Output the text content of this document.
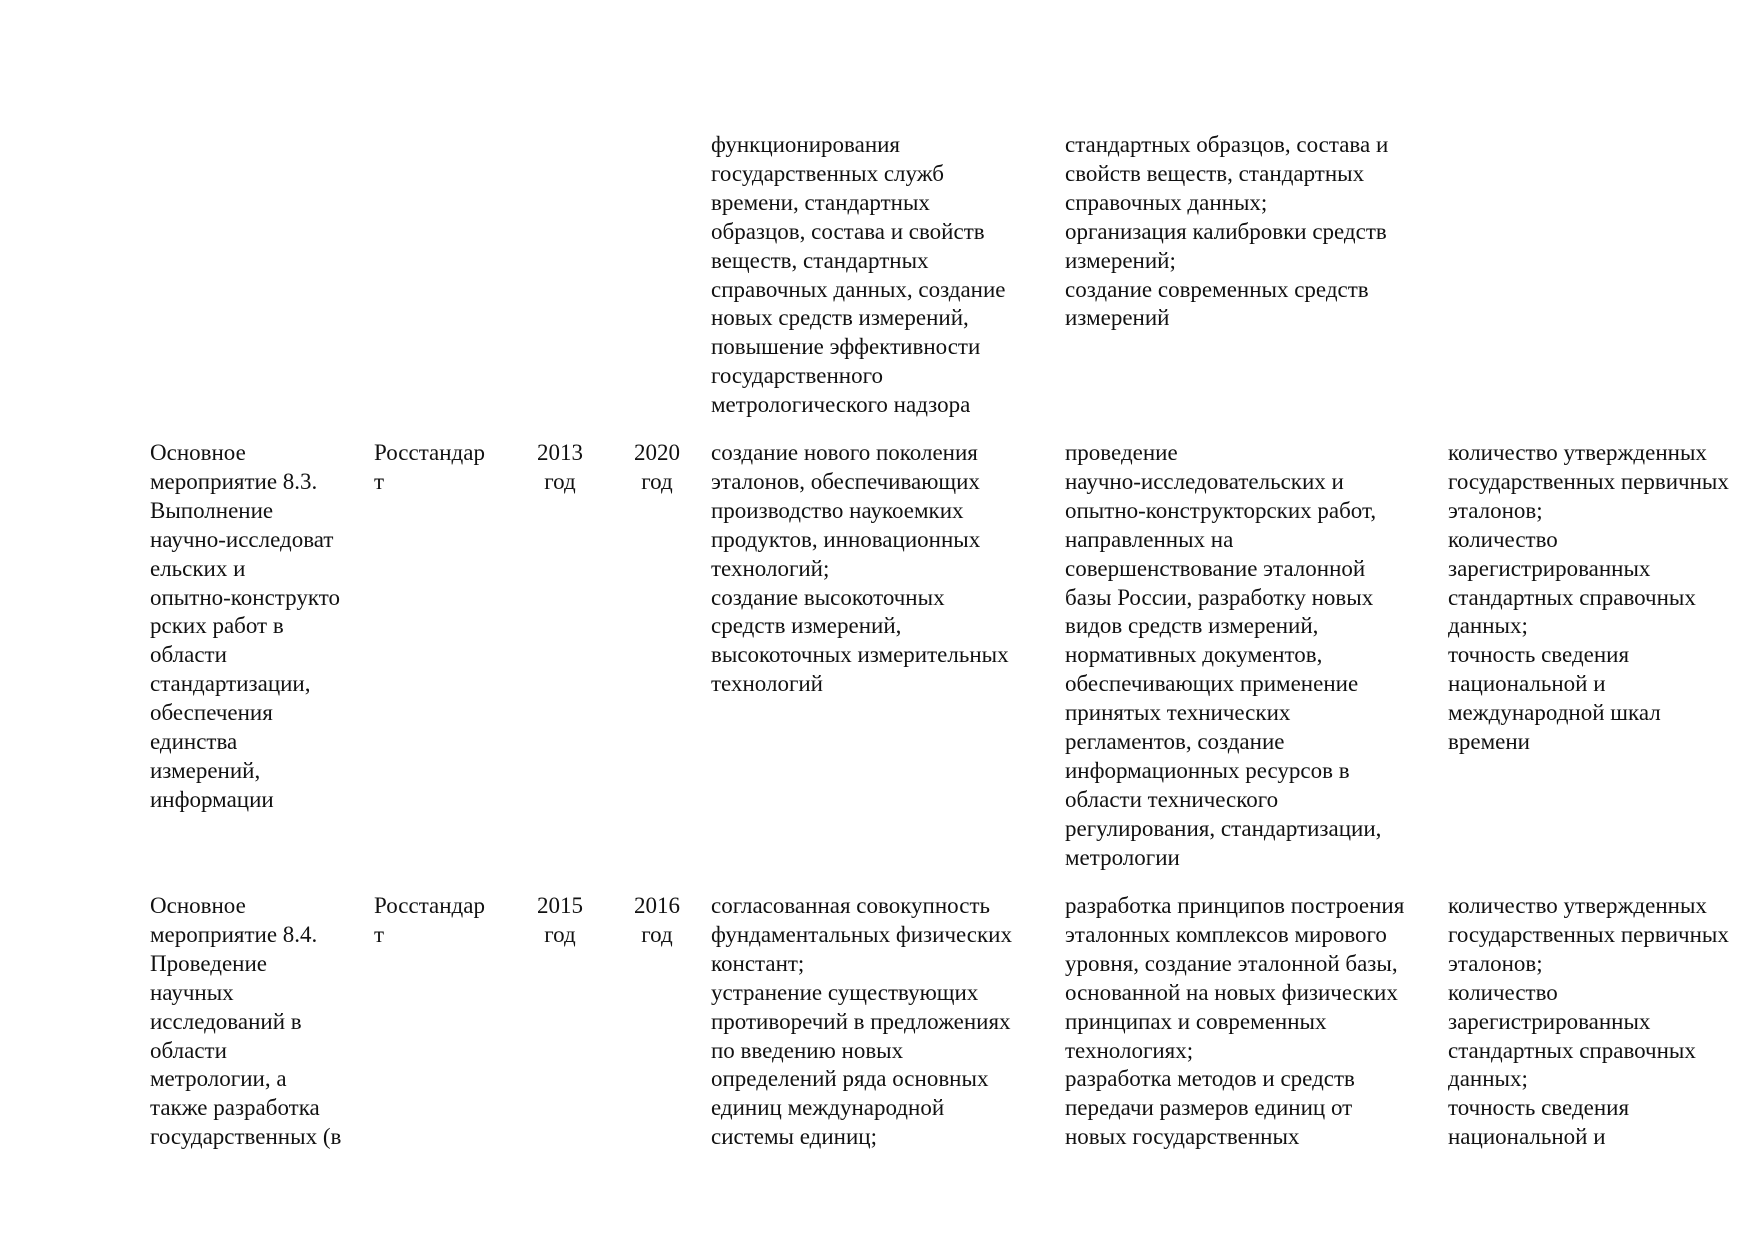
функционирования
государственных служб
времени, стандартных
образцов, состава и свойств
веществ, стандартных
справочных данных, создание
новых средств измерений,
повышение эффективности
государственного
метрологического надзора
стандартных образцов, состава и
свойств веществ, стандартных
справочных данных;
организация калибровки средств
измерений;
создание современных средств
измерений
Основное
мероприятие 8.3.
Выполнение
научно-исследоват
ельских и
опытно-конструкто
рских работ в
области
стандартизации,
обеспечения
единства
измерений,
информации
Росстандар
т
2013
год
2020
год
создание нового поколения
эталонов, обеспечивающих
производство наукоемких
продуктов, инновационных
технологий;
создание высокоточных
средств измерений,
высокоточных измерительных
технологий
проведение
научно-исследовательских и
опытно-конструкторских работ,
направленных на
совершенствование эталонной
базы России, разработку новых
видов средств измерений,
нормативных документов,
обеспечивающих применение
принятых технических
регламентов, создание
информационных ресурсов в
области технического
регулирования, стандартизации,
метрологии
количество утвержденных
государственных первичных
эталонов;
количество
зарегистрированных
стандартных справочных
данных;
точность сведения
национальной и
международной шкал
времени
Основное
мероприятие 8.4.
Проведение
научных
исследований в
области
метрологии, а
также разработка
государственных (в
Росстандар
т
2015
год
2016
год
согласованная совокупность
фундаментальных физических
констант;
устранение существующих
противоречий в предложениях
по введению новых
определений ряда основных
единиц международной
системы единиц;
разработка принципов построения
эталонных комплексов мирового
уровня, создание эталонной базы,
основанной на новых физических
принципах и современных
технологиях;
разработка методов и средств
передачи размеров единиц от
новых государственных
количество утвержденных
государственных первичных
эталонов;
количество
зарегистрированных
стандартных справочных
данных;
точность сведения
национальной и
